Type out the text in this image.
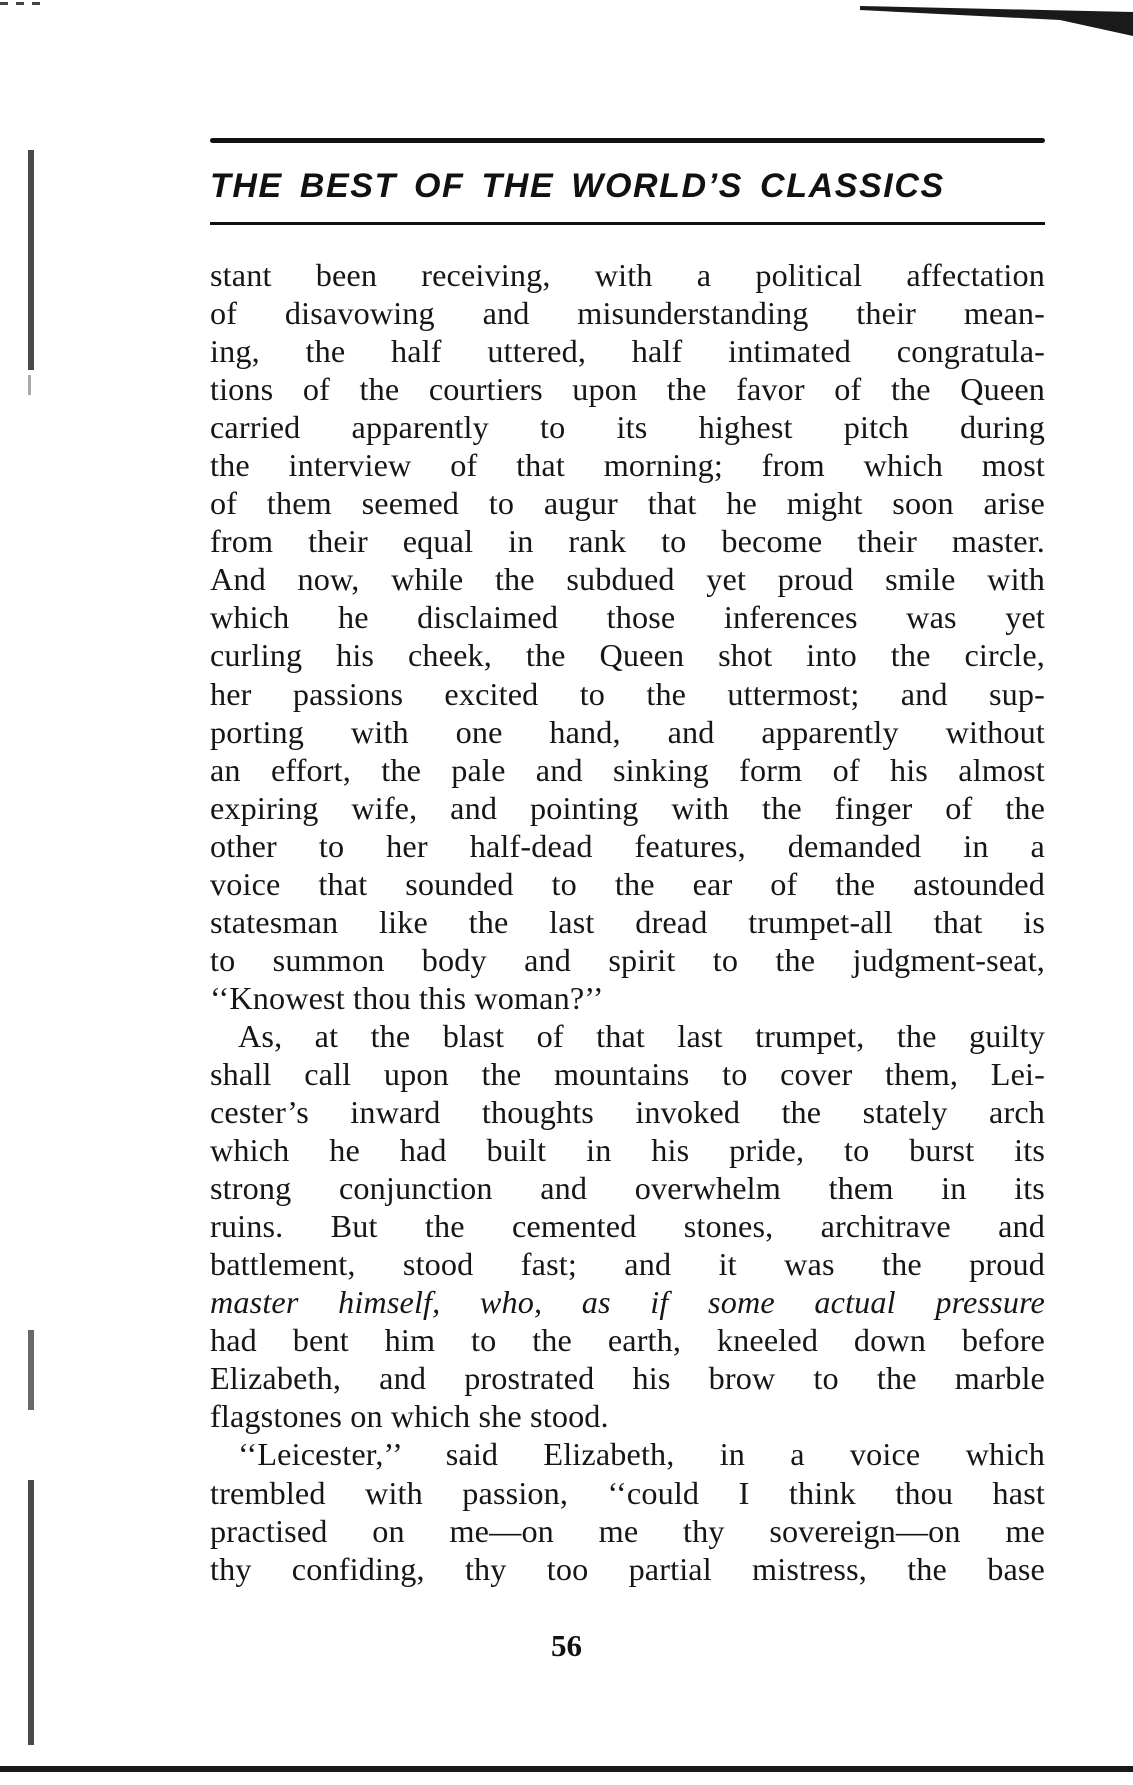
THE BEST OF THE WORLD’S CLASSICS
stant been receiving, with a political affectation
of disavowing and misunderstanding their mean-
ing, the half uttered, half intimated congratula-
tions of the courtiers upon the favor of the Queen
carried apparently to its highest pitch during
the interview of that morning; from which most
of them seemed to augur that he might soon arise
from their equal in rank to become their master.
And now, while the subdued yet proud smile with
which he disclaimed those inferences was yet
curling his cheek, the Queen shot into the circle,
her passions excited to the uttermost; and sup-
porting with one hand, and apparently without
an effort, the pale and sinking form of his almost
expiring wife, and pointing with the finger of the
other to her half-dead features, demanded in a
voice that sounded to the ear of the astounded
statesman like the last dread trumpet-all that is
to summon body and spirit to the judgment-seat,
‘‘Knowest thou this woman?’’
As, at the blast of that last trumpet, the guilty
shall call upon the mountains to cover them, Lei-
cester’s inward thoughts invoked the stately arch
which he had built in his pride, to burst its
strong conjunction and overwhelm them in its
ruins. But the cemented stones, architrave and
battlement, stood fast; and it was the proud
master himself, who, as if some actual pressure
had bent him to the earth, kneeled down before
Elizabeth, and prostrated his brow to the marble
flagstones on which she stood.
‘‘Leicester,’’ said Elizabeth, in a voice which
trembled with passion, ‘‘could I think thou hast
practised on me—on me thy sovereign—on me
thy confiding, thy too partial mistress, the base
56
